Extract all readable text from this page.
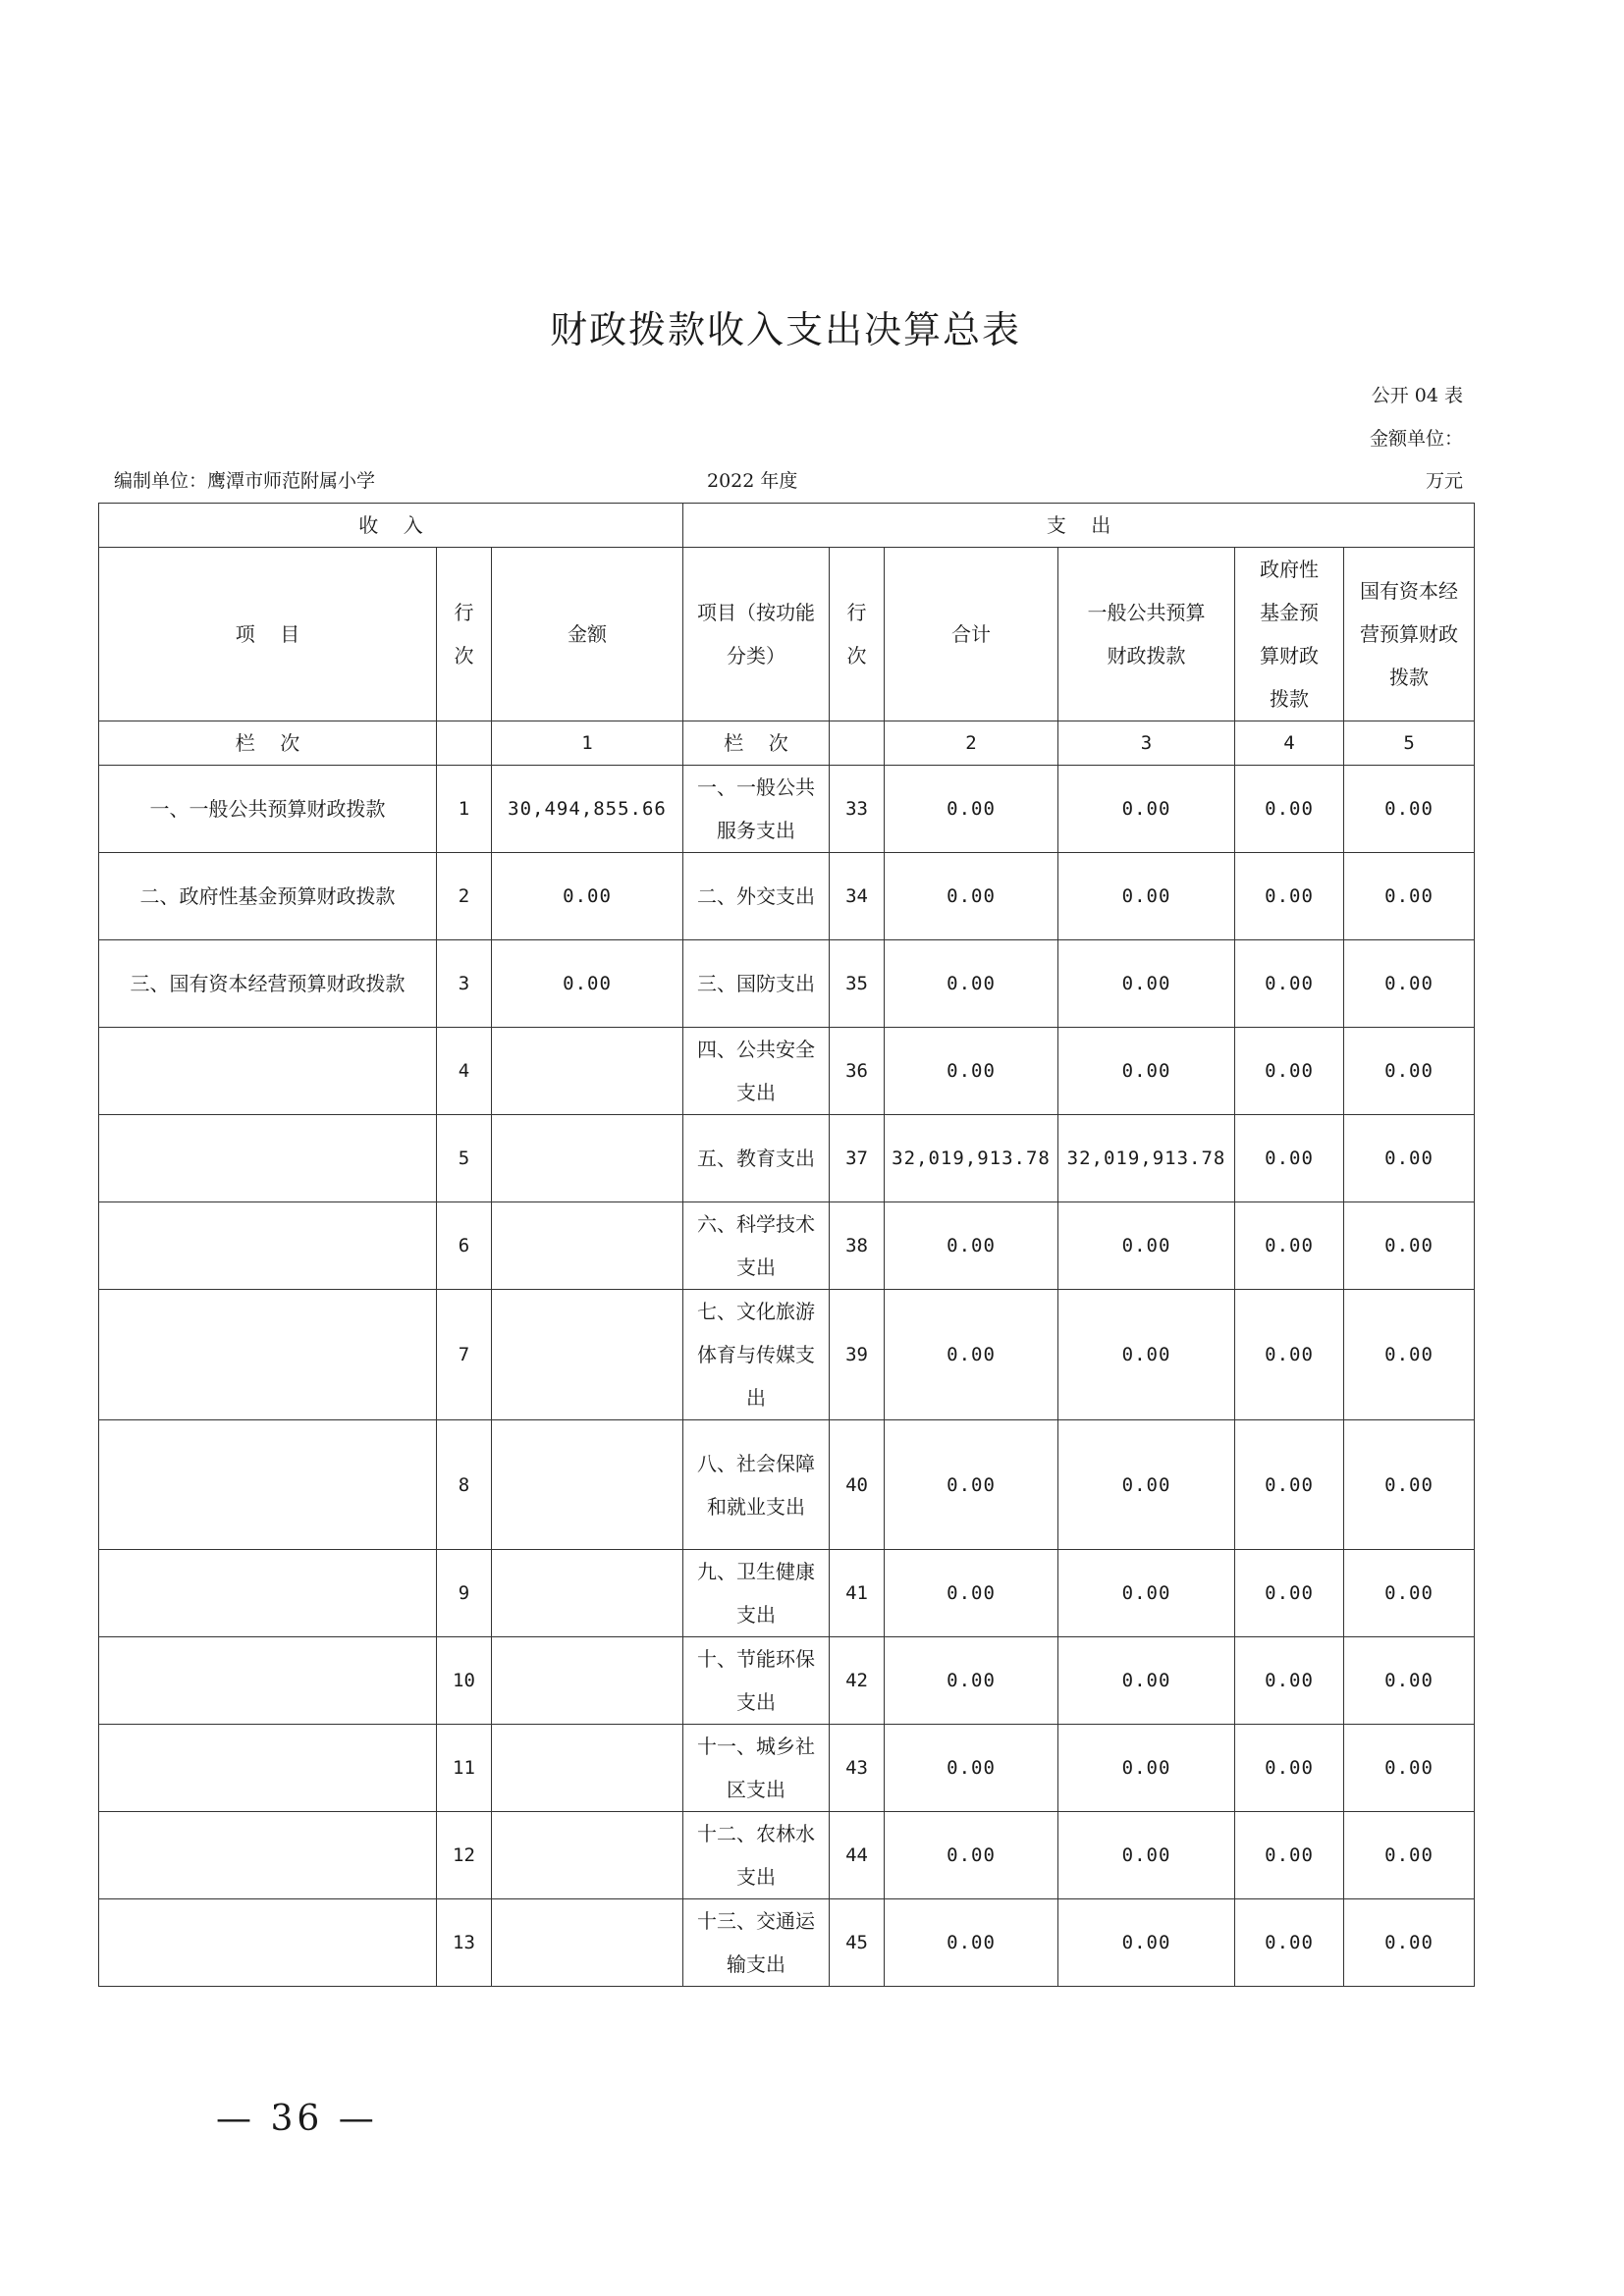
财政拨款收入支出决算总表
公开 04 表
金额单位：
编制单位：鹰潭市师范附属小学	2022 年度	万元
收    入			支    出					
项    目	行次	金额	项目（按功能分类）	行次	合计	一般公共预算财政拨款	政府性基金预算财政拨款	国有资本经营预算财政拨款
栏    次		1	栏    次		2	3	4	5
一、一般公共预算财政拨款	1	30,494,855.66	一、一般公共服务支出	33	0.00	0.00	0.00	0.00
二、政府性基金预算财政拨款	2	0.00	二、外交支出	34	0.00	0.00	0.00	0.00
三、国有资本经营预算财政拨款	3	0.00	三、国防支出	35	0.00	0.00	0.00	0.00
	4		四、公共安全支出	36	0.00	0.00	0.00	0.00
	5		五、教育支出	37	32,019,913.78	32,019,913.78	0.00	0.00
	6		六、科学技术支出	38	0.00	0.00	0.00	0.00
	7		七、文化旅游体育与传媒支出	39	0.00	0.00	0.00	0.00
	8		八、社会保障和就业支出	40	0.00	0.00	0.00	0.00
	9		九、卫生健康支出	41	0.00	0.00	0.00	0.00
	10		十、节能环保支出	42	0.00	0.00	0.00	0.00
	11		十一、城乡社区支出	43	0.00	0.00	0.00	0.00
	12		十二、农林水支出	44	0.00	0.00	0.00	0.00
	13		十三、交通运输支出	45	0.00	0.00	0.00	0.00
— 36 —
